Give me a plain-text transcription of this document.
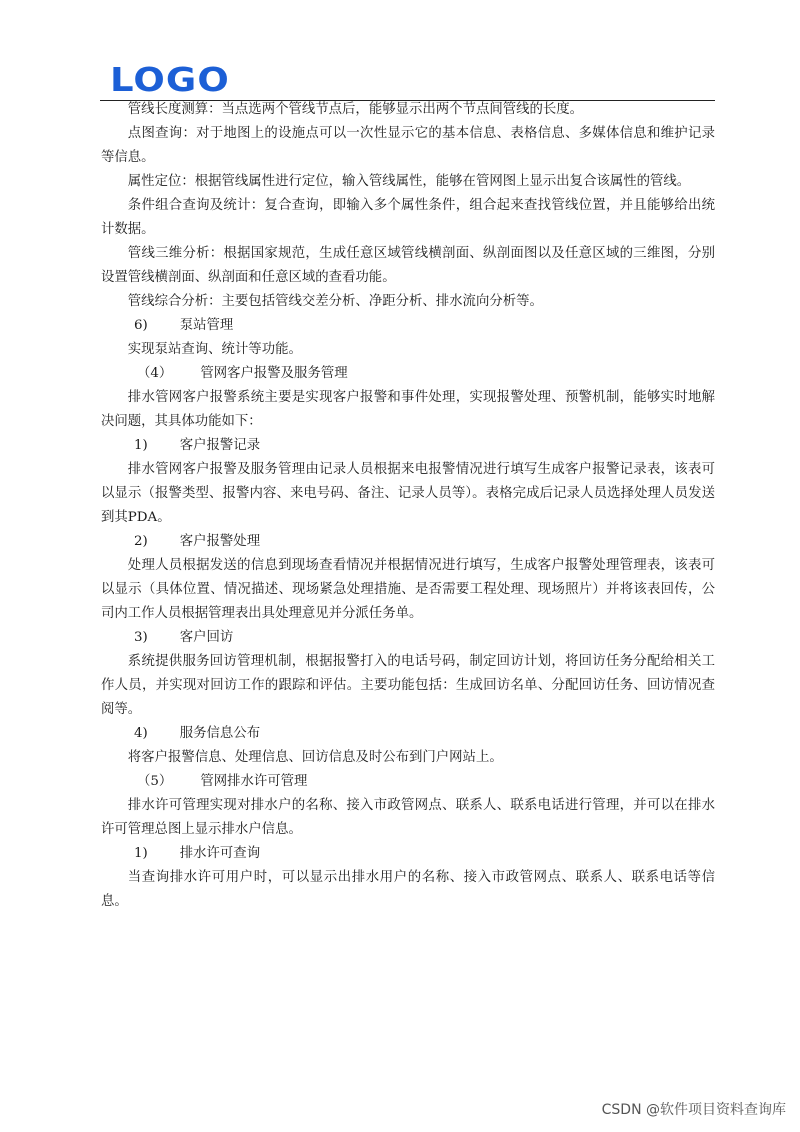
LOGO

管线长度测算：当点选两个管线节点后，能够显示出两个节点间管线的长度。

点图查询：对于地图上的设施点可以一次性显示它的基本信息、表格信息、多媒体信息和维护记录等信息。

属性定位：根据管线属性进行定位，输入管线属性，能够在管网图上显示出复合该属性的管线。

条件组合查询及统计：复合查询，即输入多个属性条件，组合起来查找管线位置，并且能够给出统计数据。

管线三维分析：根据国家规范，生成任意区域管线横剖面、纵剖面图以及任意区域的三维图，分别设置管线横剖面、纵剖面和任意区域的查看功能。

管线综合分析：主要包括管线交差分析、净距分析、排水流向分析等。

6) 泵站管理

实现泵站查询、统计等功能。

（4） 管网客户报警及服务管理

排水管网客户报警系统主要是实现客户报警和事件处理，实现报警处理、预警机制，能够实时地解决问题，其具体功能如下：

1) 客户报警记录

排水管网客户报警及服务管理由记录人员根据来电报警情况进行填写生成客户报警记录表，该表可以显示（报警类型、报警内容、来电号码、备注、记录人员等）。表格完成后记录人员选择处理人员发送到其PDA。

2) 客户报警处理

处理人员根据发送的信息到现场查看情况并根据情况进行填写，生成客户报警处理管理表，该表可以显示（具体位置、情况描述、现场紧急处理措施、是否需要工程处理、现场照片）并将该表回传，公司内工作人员根据管理表出具处理意见并分派任务单。

3) 客户回访

系统提供服务回访管理机制，根据报警打入的电话号码，制定回访计划，将回访任务分配给相关工作人员，并实现对回访工作的跟踪和评估。主要功能包括：生成回访名单、分配回访任务、回访情况查阅等。

4) 服务信息公布

将客户报警信息、处理信息、回访信息及时公布到门户网站上。

（5） 管网排水许可管理

排水许可管理实现对排水户的名称、接入市政管网点、联系人、联系电话进行管理，并可以在排水许可管理总图上显示排水户信息。

1) 排水许可查询

当查询排水许可用户时，可以显示出排水用户的名称、接入市政管网点、联系人、联系电话等信息。

CSDN @软件项目资料查询库
